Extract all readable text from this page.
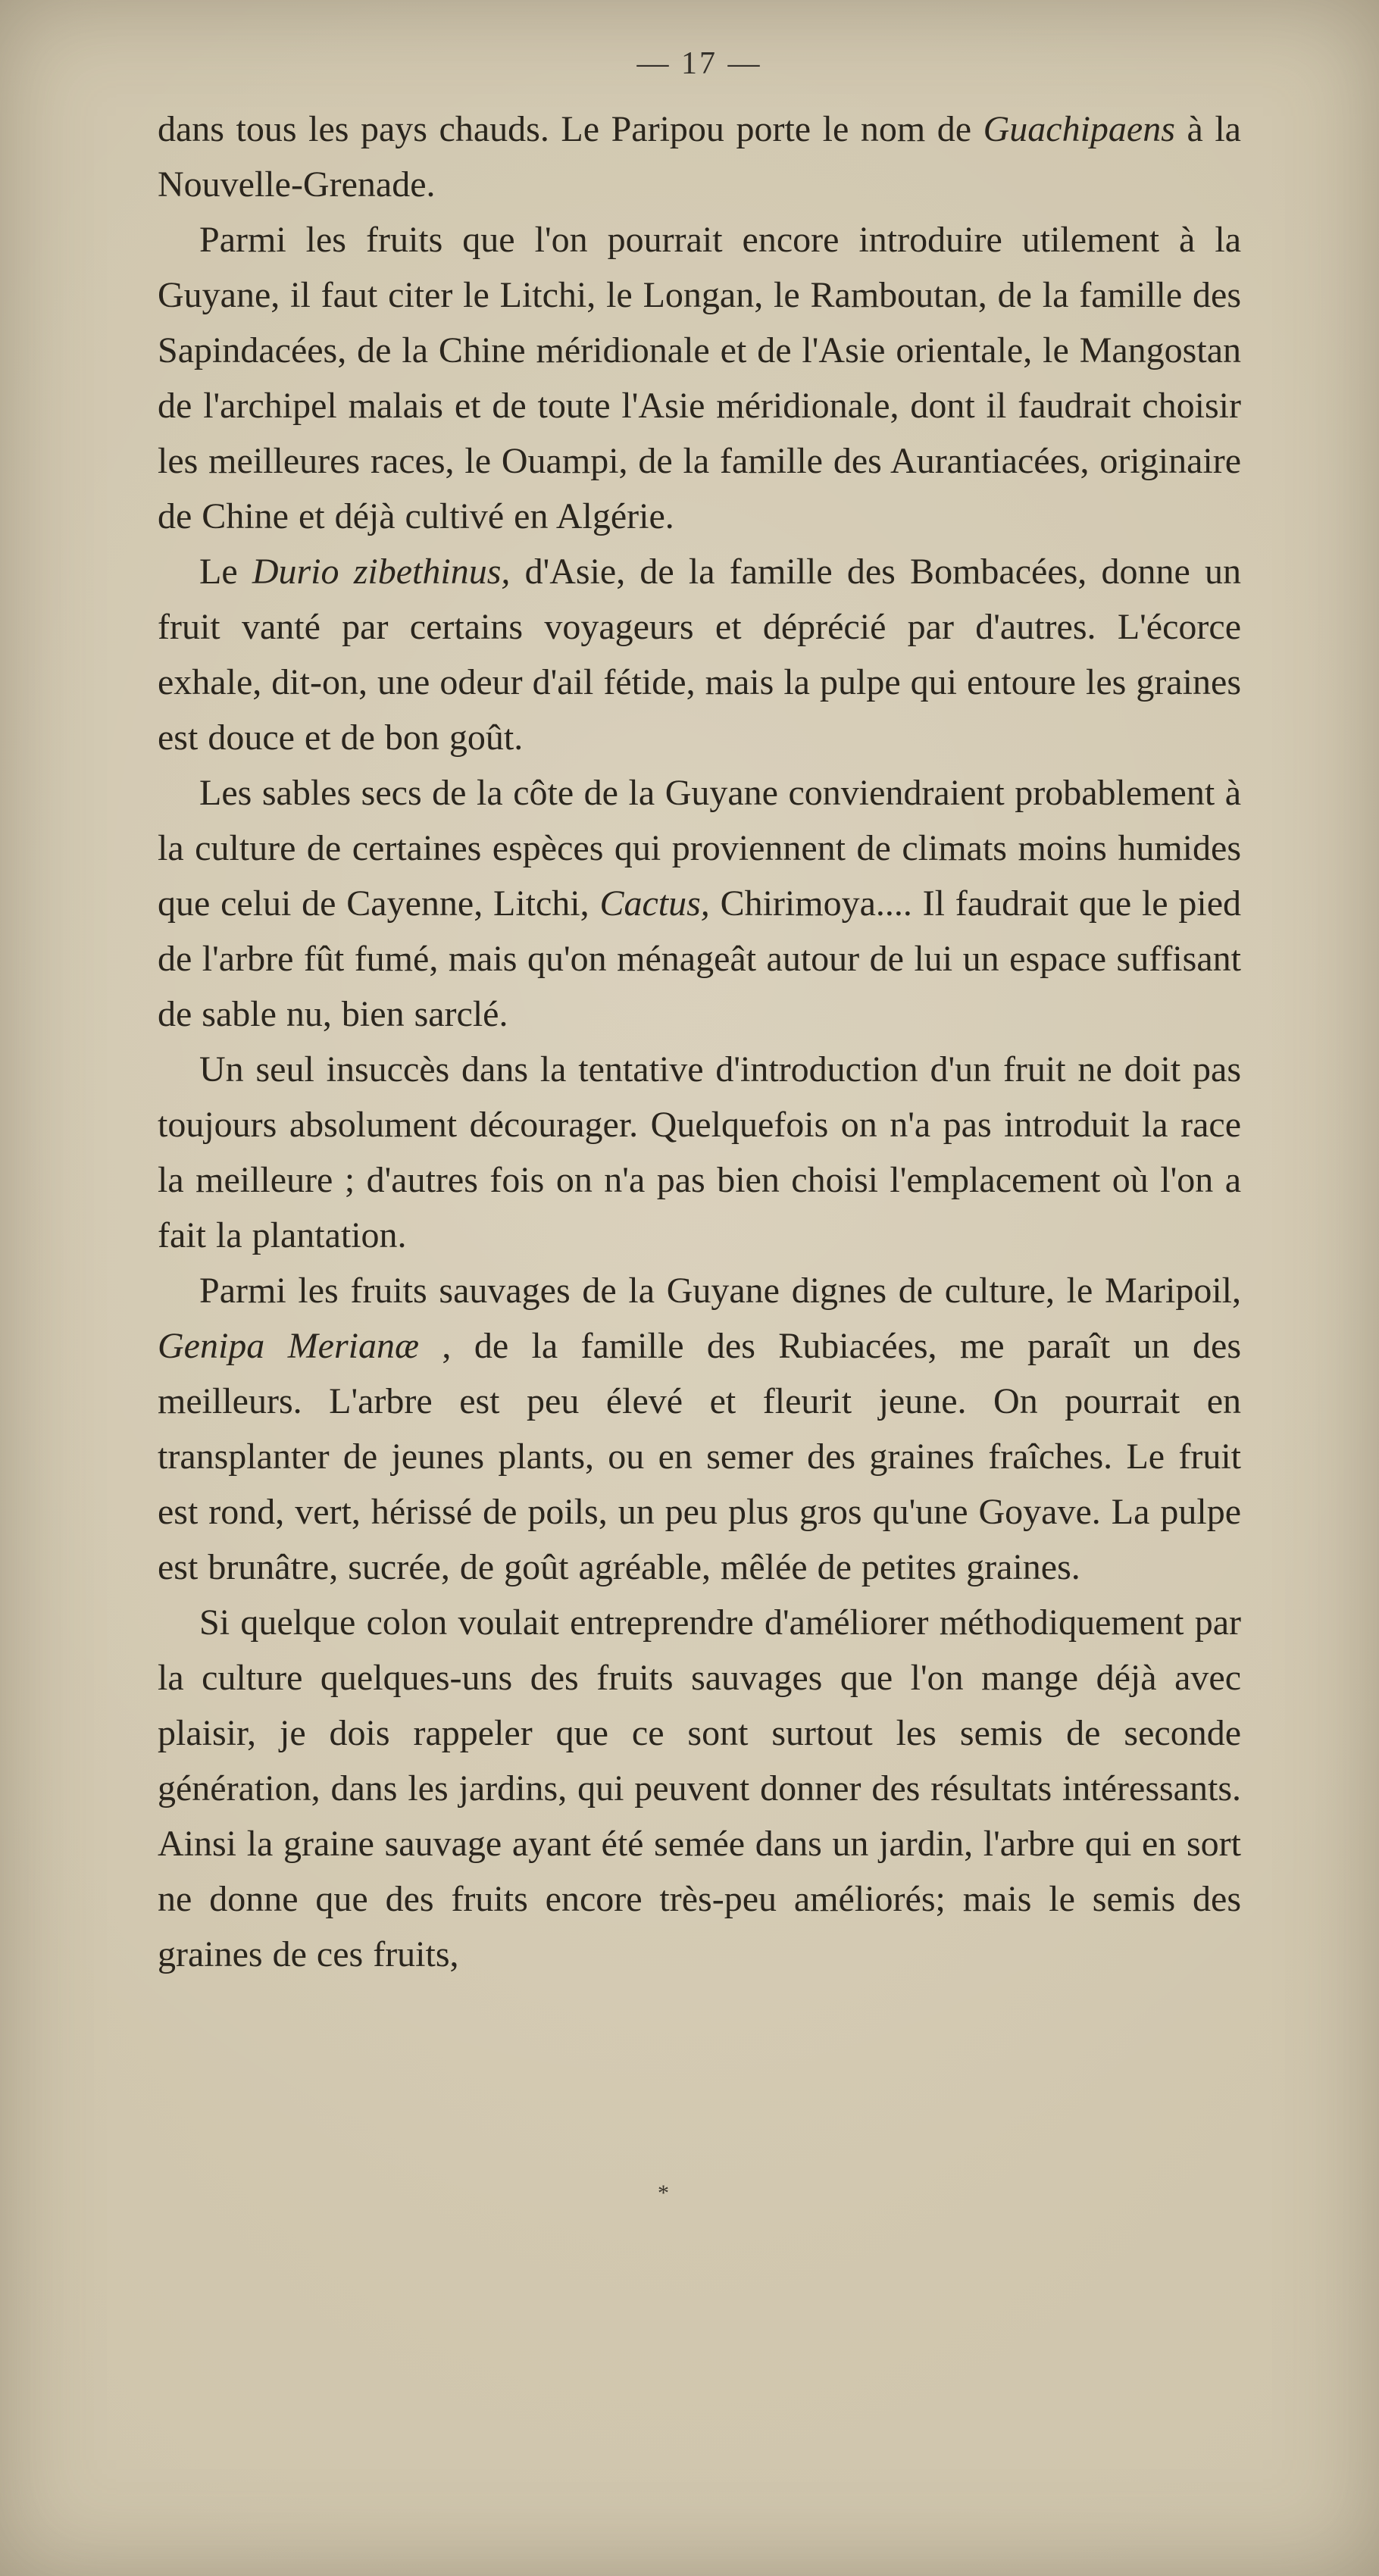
— 17 —

dans tous les pays chauds. Le Paripou porte le nom de Guachipaens à la Nouvelle-Grenade.

Parmi les fruits que l'on pourrait encore introduire utilement à la Guyane, il faut citer le Litchi, le Longan, le Ramboutan, de la famille des Sapindacées, de la Chine méridionale et de l'Asie orientale, le Mangostan de l'archipel malais et de toute l'Asie méridionale, dont il faudrait choisir les meilleures races, le Ouampi, de la famille des Aurantiacées, originaire de Chine et déjà cultivé en Algérie.

Le Durio zibethinus, d'Asie, de la famille des Bombacées, donne un fruit vanté par certains voyageurs et déprécié par d'autres. L'écorce exhale, dit-on, une odeur d'ail fétide, mais la pulpe qui entoure les graines est douce et de bon goût.

Les sables secs de la côte de la Guyane conviendraient probablement à la culture de certaines espèces qui proviennent de climats moins humides que celui de Cayenne, Litchi, Cactus, Chirimoya.... Il faudrait que le pied de l'arbre fût fumé, mais qu'on ménageât autour de lui un espace suffisant de sable nu, bien sarclé.

Un seul insuccès dans la tentative d'introduction d'un fruit ne doit pas toujours absolument décourager. Quelquefois on n'a pas introduit la race la meilleure ; d'autres fois on n'a pas bien choisi l'emplacement où l'on a fait la plantation.

Parmi les fruits sauvages de la Guyane dignes de culture, le Maripoil, Genipa Merianæ , de la famille des Rubiacées, me paraît un des meilleurs. L'arbre est peu élevé et fleurit jeune. On pourrait en transplanter de jeunes plants, ou en semer des graines fraîches. Le fruit est rond, vert, hérissé de poils, un peu plus gros qu'une Goyave. La pulpe est brunâtre, sucrée, de goût agréable, mêlée de petites graines.

Si quelque colon voulait entreprendre d'améliorer méthodiquement par la culture quelques-uns des fruits sauvages que l'on mange déjà avec plaisir, je dois rappeler que ce sont surtout les semis de seconde génération, dans les jardins, qui peuvent donner des résultats intéressants. Ainsi la graine sauvage ayant été semée dans un jardin, l'arbre qui en sort ne donne que des fruits encore très-peu améliorés; mais le semis des graines de ces fruits,

*
